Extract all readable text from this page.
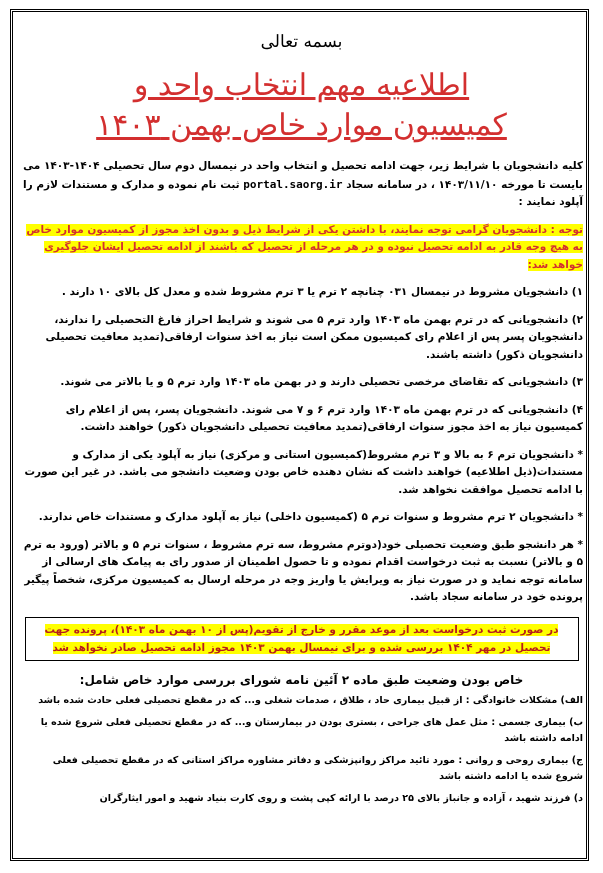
بسمه تعالی
اطلاعیه مهم انتخاب واحد و
کمیسیون موارد خاص بهمن ۱۴۰۳

کلیه دانشجویان با شرایط زیر، جهت ادامه تحصیل و انتخاب واحد در نیمسال دوم سال تحصیلی ۱۴۰۴-۱۴۰۳ می بایست تا مورخه ۱۴۰۳/۱۱/۱۰ ، در سامانه سجاد portal.saorg.ir ثبت نام نموده و مدارک و مستندات لازم را آپلود نمایند :

توجه : دانشجویان گرامی توجه نمایند، با داشتن یکی از شرایط ذیل و بدون اخذ مجوز از کمیسیون موارد خاص به هیچ وجه قادر به ادامه تحصیل نبوده و در هر مرحله از تحصیل که باشند از ادامه تحصیل ایشان جلوگیری خواهد شد:

۱) دانشجویان مشروط در نیمسال ۰۳۱ چنانچه ۲ ترم یا ۳ ترم مشروط شده و معدل کل بالای ۱۰ دارند .

۲) دانشجویانی که در ترم بهمن ماه ۱۴۰۳ وارد ترم ۵ می شوند و شرایط احراز فارغ التحصیلی را ندارند، دانشجویان پسر پس از اعلام رای کمیسیون ممکن است نیاز به اخذ سنوات ارفاقی(تمدید معافیت تحصیلی دانشجویان ذکور) داشته باشند.

۳) دانشجویانی که تقاضای مرخصی تحصیلی دارند و در بهمن ماه ۱۴۰۳ وارد ترم ۵ و یا بالاتر می شوند.

۴) دانشجویانی که در ترم بهمن ماه ۱۴۰۳ وارد ترم ۶ و ۷ می شوند. دانشجویان پسر، پس از اعلام رای کمیسیون نیاز به اخذ مجوز سنوات ارفاقی(تمدید معافیت تحصیلی دانشجویان ذکور) خواهند داشت.

* دانشجویان ترم ۶ به بالا و ۳ ترم مشروط(کمیسیون استانی و مرکزی) نیاز به آپلود یکی از مدارک و مستندات(ذیل اطلاعیه) خواهند داشت که نشان دهنده خاص بودن وضعیت دانشجو می باشد. در غیر این صورت با ادامه تحصیل موافقت نخواهد شد.

* دانشجویان ۲ ترم مشروط و سنوات ترم ۵ (کمیسیون داخلی) نیاز به آپلود مدارک و مستندات خاص ندارند.

* هر دانشجو طبق وضعیت تحصیلی خود(دوترم مشروط، سه ترم مشروط ، سنوات ترم ۵ و بالاتر (ورود به ترم ۵ و بالاتر) نسبت به ثبت درخواست اقدام نموده و تا حصول اطمینان از صدور رای به پیامک های ارسالی از سامانه توجه نماید و در صورت نیاز به ویرایش یا واریز وجه در مرحله ارسال به کمیسیون مرکزی، شخصاً پیگیر پرونده خود در سامانه سجاد باشد.

در صورت ثبت درخواست بعد از موعد مقرر و خارج از تقویم(پس از ۱۰ بهمن ماه ۱۴۰۳)، پرونده جهت تحصیل در مهر ۱۴۰۴ بررسی شده و برای نیمسال بهمن ۱۴۰۳ مجوز ادامه تحصیل صادر نخواهد شد

خاص بودن وضعیت طبق ماده ۲ آئین نامه شورای بررسی موارد خاص شامل:

الف) مشکلات خانوادگی : از قبیل بیماری حاد ، طلاق ، صدمات شغلی و... که در مقطع تحصیلی فعلی حادث شده باشد

ب) بیماری جسمی : مثل عمل های جراحی ، بستری بودن در بیمارستان و... که در مقطع تحصیلی فعلی شروع شده یا ادامه داشته باشد

ج) بیماری روحی و روانی : مورد تائید مراکز روانپزشکی و دفاتر مشاوره مراکز استانی که در مقطع تحصیلی فعلی شروع شده یا ادامه داشته باشد

د) فرزند شهید ، آزاده و جانباز بالای ۲۵ درصد با ارائه کپی پشت و روی کارت بنیاد شهید و امور ایثارگران
